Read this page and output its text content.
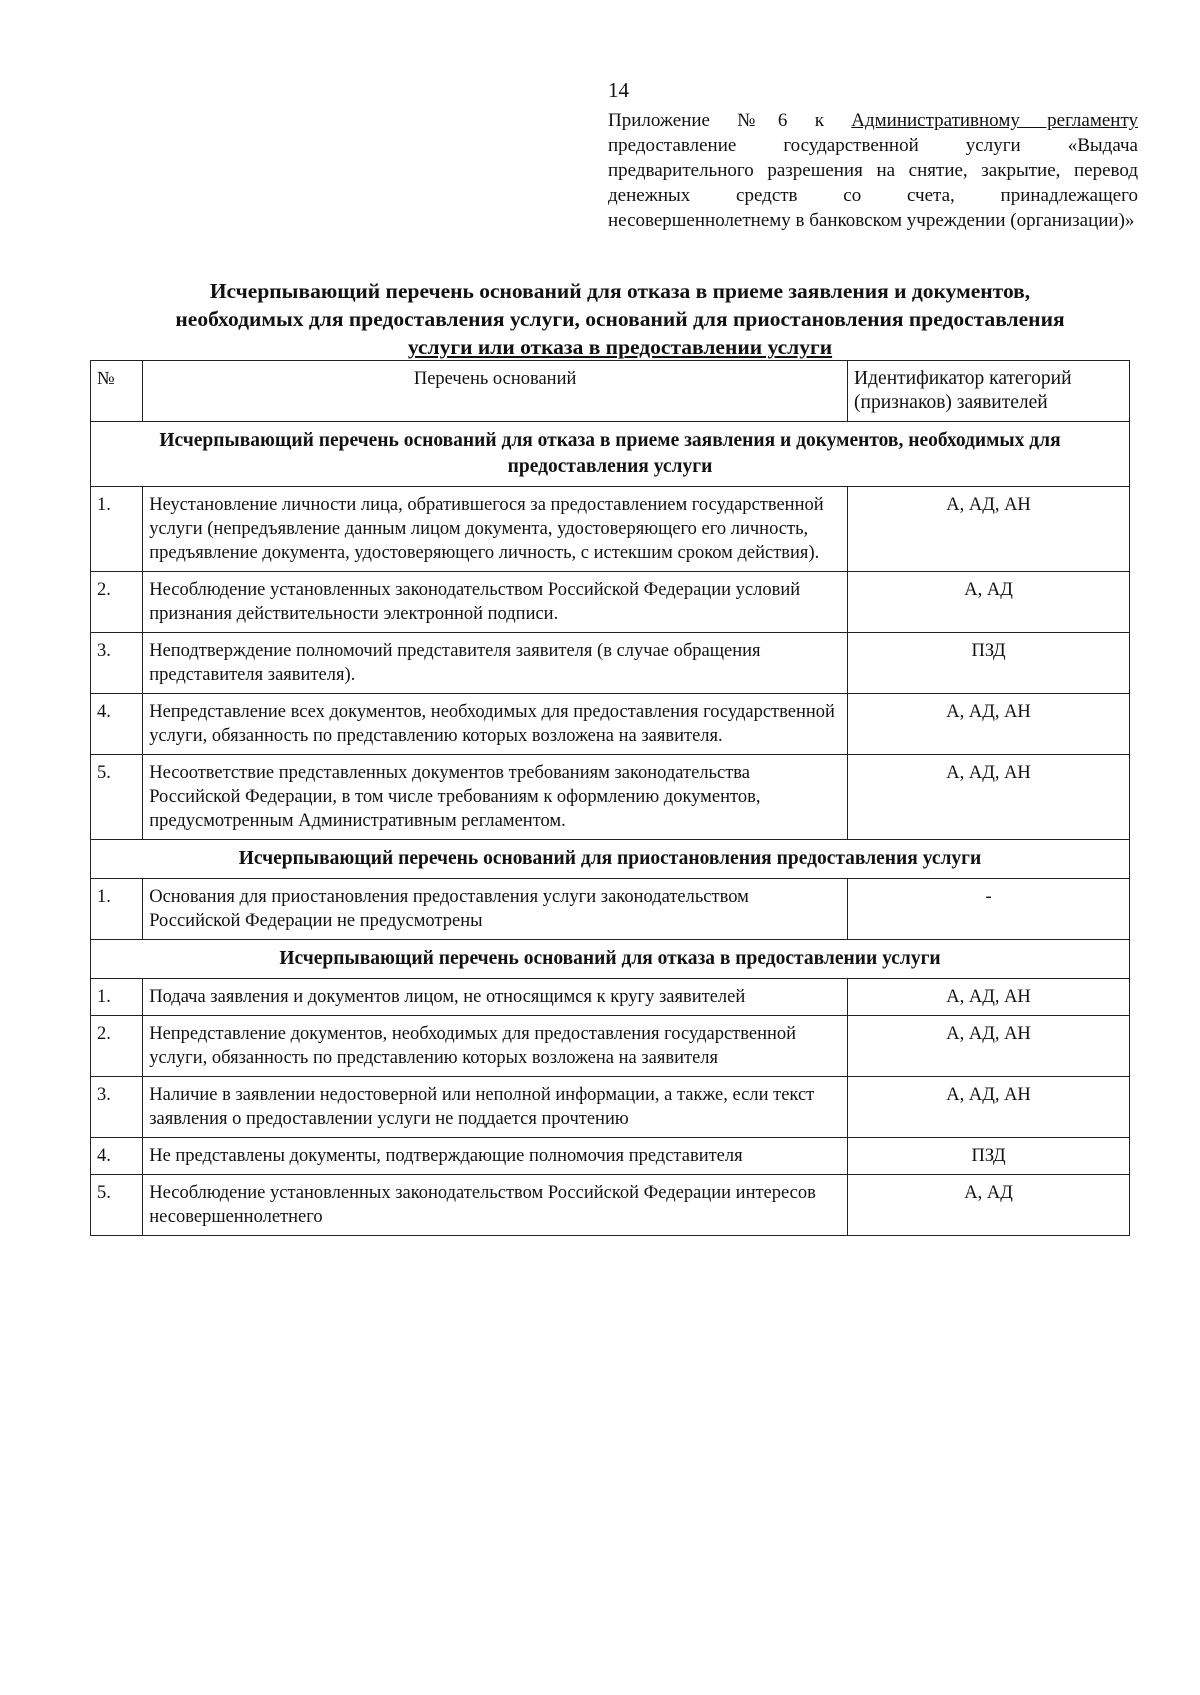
14
Приложение №6 к Административному регламенту предоставление государственной услуги «Выдача предварительного разрешения на снятие, закрытие, перевод денежных средств со счета, принадлежащего несовершеннолетнему в банковском учреждении (организации)»
Исчерпывающий перечень оснований для отказа в приеме заявления и документов,
необходимых для предоставления услуги, оснований для приостановления предоставления
услуги или отказа в предоставлении услуги
№	Перечень оснований	Идентификатор категорий (признаков) заявителей
Исчерпывающий перечень оснований для отказа в приеме заявления и документов, необходимых для предоставления услуги		
1.	Неустановление личности лица, обратившегося за предоставлением государственной услуги (непредъявление данным лицом документа, удостоверяющего его личность, предъявление документа, удостоверяющего личность, с истекшим сроком действия).	А, АД, АН
2.	Несоблюдение установленных законодательством Российской Федерации условий признания действительности электронной подписи.	А, АД
3.	Неподтверждение полномочий представителя заявителя (в случае обращения представителя заявителя).	ПЗД
4.	Непредставление всех документов, необходимых для предоставления государственной услуги, обязанность по представлению которых возложена на заявителя.	А, АД, АН
5.	Несоответствие представленных документов требованиям законодательства Российской Федерации, в том числе требованиям к оформлению документов, предусмотренным Административным регламентом.	А, АД, АН
Исчерпывающий перечень оснований для приостановления предоставления услуги		
1.	Основания для приостановления предоставления услуги законодательством Российской Федерации не предусмотрены	-
Исчерпывающий перечень оснований для отказа в предоставлении услуги		
1.	Подача заявления и документов лицом, не относящимся к кругу заявителей	А, АД, АН
2.	Непредставление документов, необходимых для предоставления государственной услуги, обязанность по представлению которых возложена на заявителя	А, АД, АН
3.	Наличие в заявлении недостоверной или неполной информации, а также, если текст заявления о предоставлении услуги не поддается прочтению	А, АД, АН
4.	Не представлены документы, подтверждающие полномочия представителя	ПЗД
5.	Несоблюдение установленных законодательством Российской Федерации интересов несовершеннолетнего	А, АД
